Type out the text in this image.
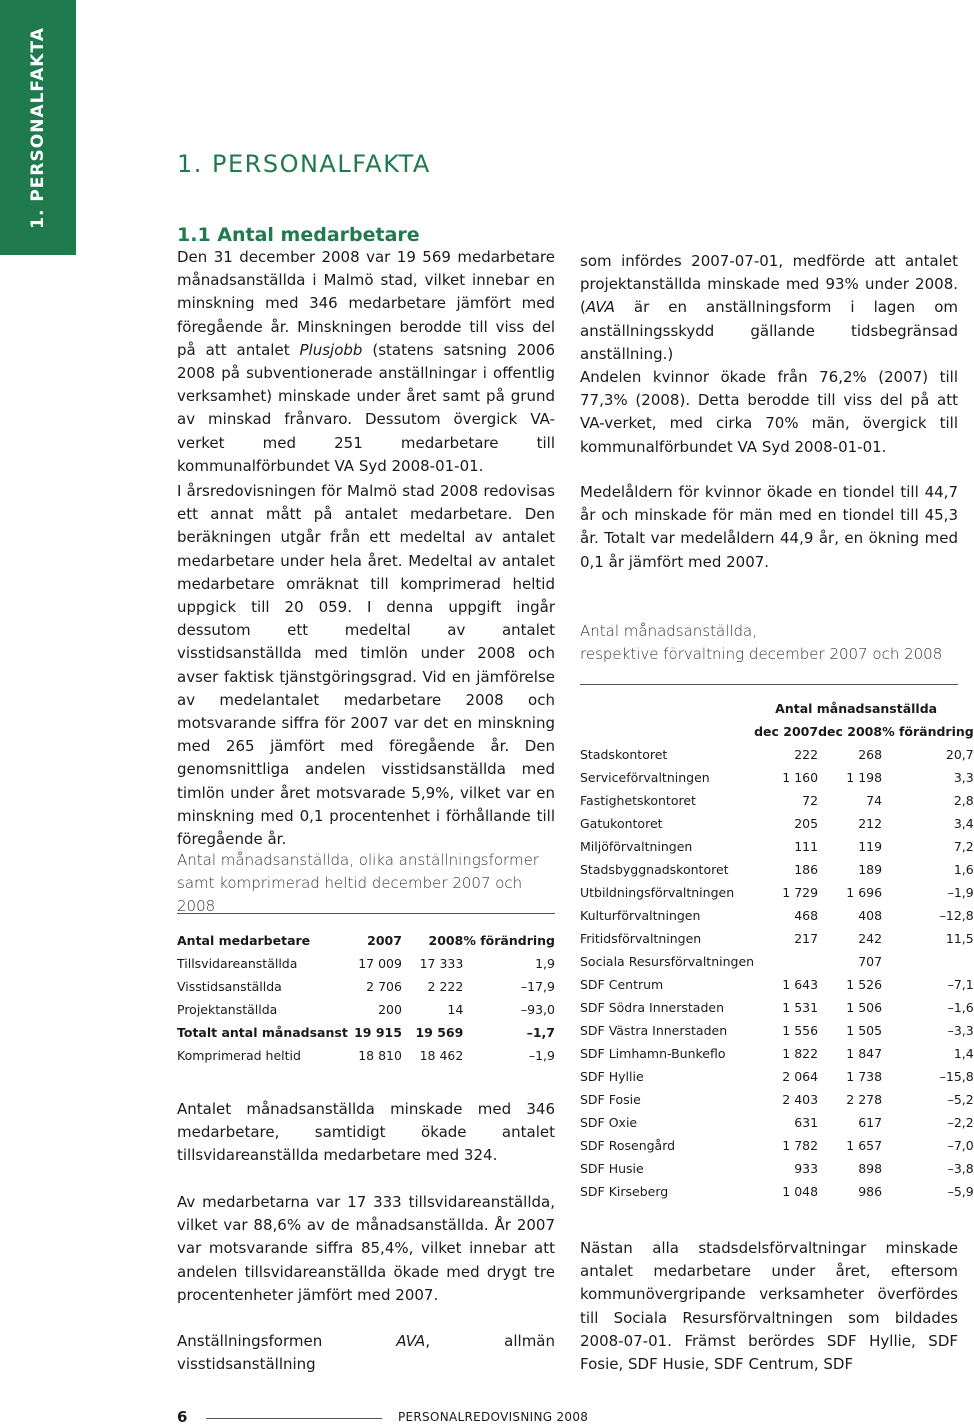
1. PERSONALFAKTA	1. PERSONALFAKTA
1.1 Antal medarbetare

Den 31 december 2008 var 19 569 medarbetare månadsanställda i Malmö stad, vilket innebar en minskning med 346 medarbetare jämfört med föregående år. Minskningen berodde till viss del på att antalet Plusjobb (statens satsning 2006 2008 på subventionerade anställningar i offentlig verksamhet) minskade under året samt på grund av minskad frånvaro. Dessutom övergick VA-verket med 251 medarbetare till kommunalförbundet VA Syd 2008-01-01.

I årsredovisningen för Malmö stad 2008 redovisas ett annat mått på antalet medarbetare. Den beräkningen utgår från ett medeltal av antalet medarbetare under hela året. Medeltal av antalet medarbetare omräknat till komprimerad heltid uppgick till 20 059. I denna uppgift ingår dessutom ett medeltal av antalet visstidsanställda med timlön under 2008 och avser faktisk tjänstgöringsgrad. Vid en jämförelse av medelantalet medarbetare 2008 och motsvarande siffra för 2007 var det en minskning med 265 jämfört med föregående år. Den genomsnittliga andelen visstidsanställda med timlön under året motsvarade 5,9%, vilket var en minskning med 0,1 procentenhet i förhållande till föregående år.

Antal månadsanställda, olika anställningsformer samt komprimerad heltid december 2007 och 2008

Antal medarbetare	2007	2008	% förändring
Tillsvidareanställda	17 009	17 333	1,9
Visstidsanställda	2 706	2 222	–17,9
Projektanställda	200	14	–93,0
Totalt antal månadsanst	19 915	19 569	–1,7
Komprimerad heltid	18 810	18 462	–1,9

Antalet månadsanställda minskade med 346 medarbetare, samtidigt ökade antalet tillsvidareanställda medarbetare med 324.

Av medarbetarna var 17 333 tillsvidareanställda, vilket var 88,6% av de månadsanställda. År 2007 var motsvarande siffra 85,4%, vilket innebar att andelen tillsvidareanställda ökade med drygt tre procentenheter jämfört med 2007.

Anställningsformen AVA, allmän visstidsanställning

som infördes 2007-07-01, medförde att antalet projektanställda minskade med 93% under 2008. (AVA är en anställningsform i lagen om anställningsskydd gällande tidsbegränsad anställning.)

Andelen kvinnor ökade från 76,2% (2007) till 77,3% (2008). Detta berodde till viss del på att VA-verket, med cirka 70% män, övergick till kommunalförbundet VA Syd 2008-01-01.

Medelåldern för kvinnor ökade en tiondel till 44,7 år och minskade för män med en tiondel till 45,3 år. Totalt var medelåldern 44,9 år, en ökning med 0,1 år jämfört med 2007.

Antal månadsanställda,
respektive förvaltning december 2007 och 2008

	Antal månadsanställda		
	dec 2007	dec 2008	% förändring
Stadskontoret	222	268	20,7
Serviceförvaltningen	1 160	1 198	3,3
Fastighetskontoret	72	74	2,8
Gatukontoret	205	212	3,4
Miljöförvaltningen	111	119	7,2
Stadsbyggnadskontoret	186	189	1,6
Utbildningsförvaltningen	1 729	1 696	–1,9
Kulturförvaltningen	468	408	–12,8
Fritidsförvaltningen	217	242	11,5
Sociala Resursförvaltningen		707	
SDF Centrum	1 643	1 526	–7,1
SDF Södra Innerstaden	1 531	1 506	–1,6
SDF Västra Innerstaden	1 556	1 505	–3,3
SDF Limhamn-Bunkeflo	1 822	1 847	1,4
SDF Hyllie	2 064	1 738	–15,8
SDF Fosie	2 403	2 278	–5,2
SDF Oxie	631	617	–2,2
SDF Rosengård	1 782	1 657	–7,0
SDF Husie	933	898	–3,8
SDF Kirseberg	1 048	986	–5,9

Nästan alla stadsdelsförvaltningar minskade antalet medarbetare under året, eftersom kommunövergripande verksamheter överfördes till Sociala Resursförvaltningen som bildades 2008-07-01. Främst berördes SDF Hyllie, SDF Fosie, SDF Husie, SDF Centrum, SDF

6	PERSONALREDOVISNING 2008
